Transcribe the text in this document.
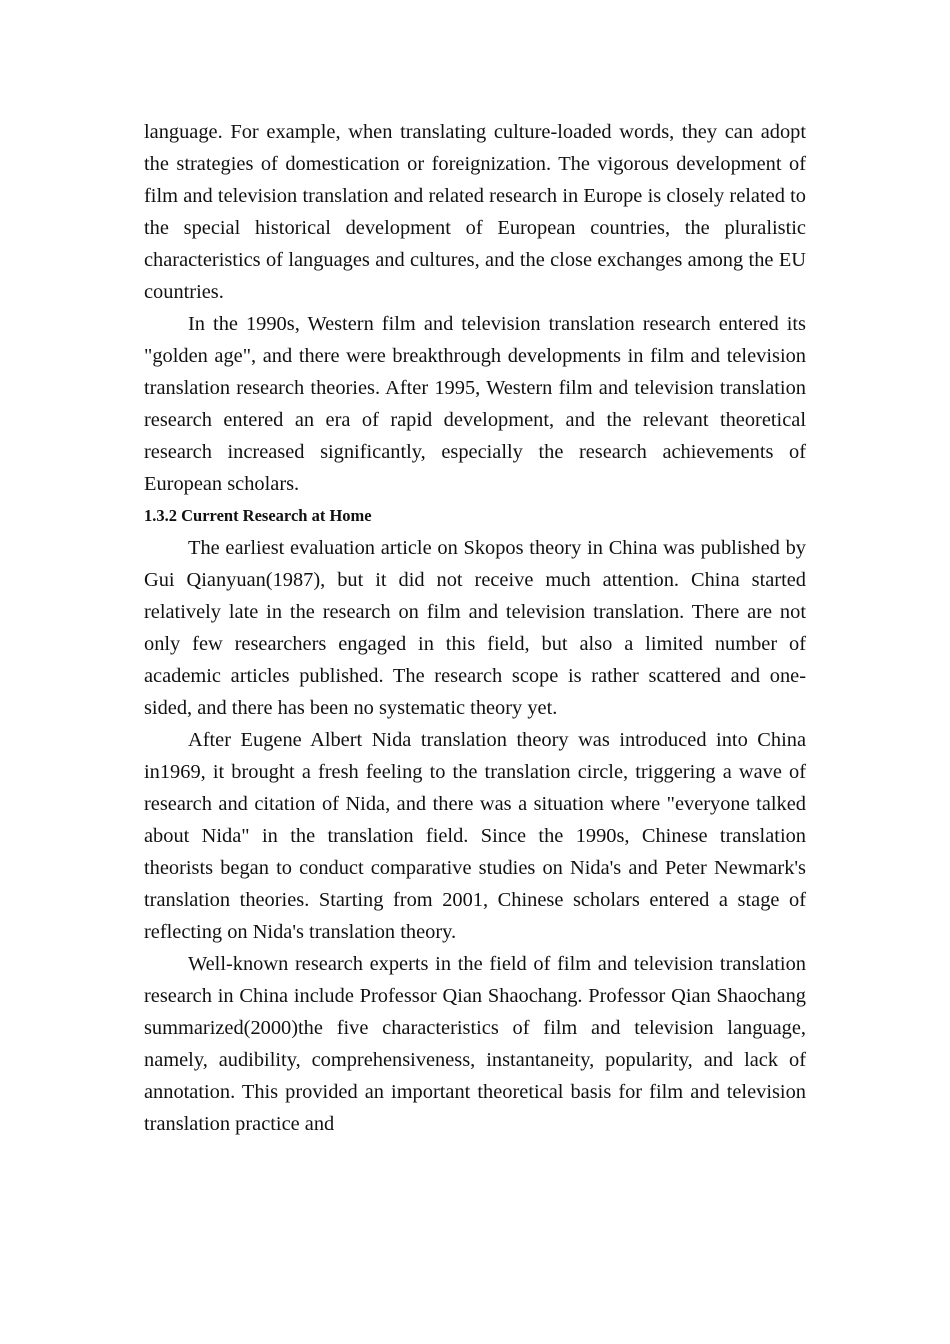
language. For example, when translating culture-loaded words, they can adopt the strategies of domestication or foreignization. The vigorous development of film and television translation and related research in Europe is closely related to the special historical development of European countries, the pluralistic characteristics of languages and cultures, and the close exchanges among the EU countries.

In the 1990s, Western film and television translation research entered its "golden age", and there were breakthrough developments in film and television translation research theories. After 1995, Western film and television translation research entered an era of rapid development, and the relevant theoretical research increased significantly, especially the research achievements of European scholars.

1.3.2 Current Research at Home

The earliest evaluation article on Skopos theory in China was published by Gui Qianyuan(1987), but it did not receive much attention. China started relatively late in the research on film and television translation. There are not only few researchers engaged in this field, but also a limited number of academic articles published. The research scope is rather scattered and one-sided, and there has been no systematic theory yet.

After Eugene Albert Nida translation theory was introduced into China in1969, it brought a fresh feeling to the translation circle, triggering a wave of research and citation of Nida, and there was a situation where "everyone talked about Nida" in the translation field. Since the 1990s, Chinese translation theorists began to conduct comparative studies on Nida's and Peter Newmark's translation theories. Starting from 2001, Chinese scholars entered a stage of reflecting on Nida's translation theory.

Well-known research experts in the field of film and television translation research in China include Professor Qian Shaochang. Professor Qian Shaochang summarized(2000)the five characteristics of film and television language, namely, audibility, comprehensiveness, instantaneity, popularity, and lack of annotation. This provided an important theoretical basis for film and television translation practice and
